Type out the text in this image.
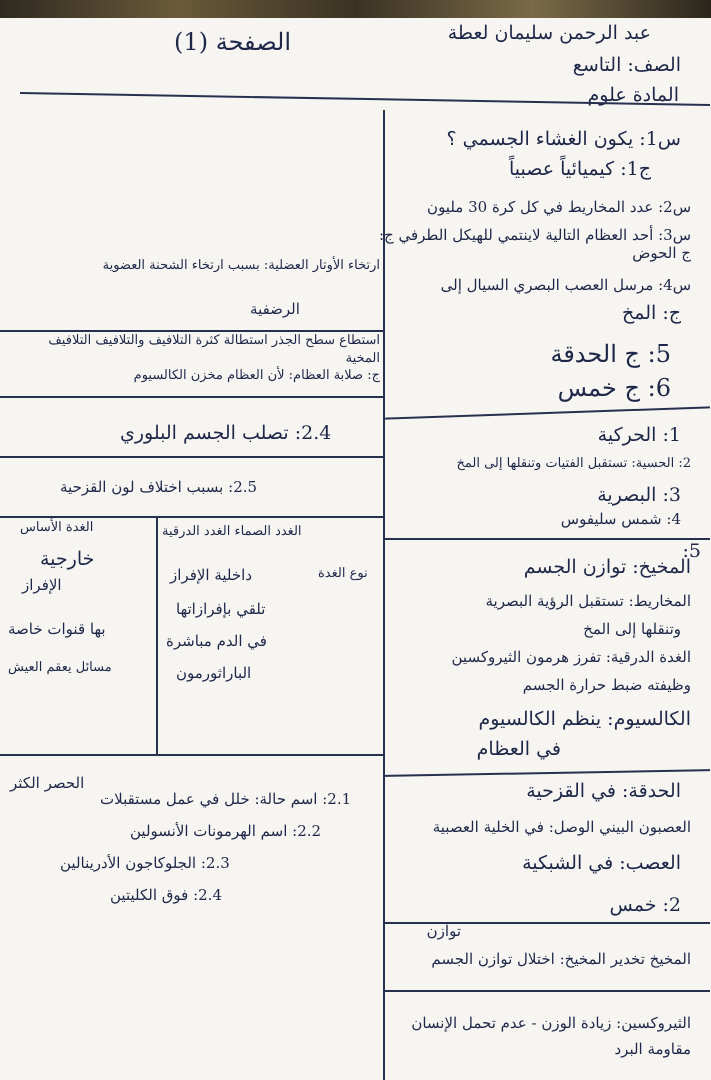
الصفحة (1)	عبد الرحمن سليمان لعطة
الصف: التاسع
المادة علوم
س1: يكون الغشاء الجسمي ؟
ج1: كيميائياً عصبياً
س2: عدد المخاريط في كل كرة 30 مليون
س3: أحد العظام التالية لاينتمي للهيكل الطرفي ج: ج الحوض
س4: مرسل العصب البصري السيال إلى
ج: المخ
5: ج الحدقة
6: ج خمس
1: الحركية
2: الحسية: تستقبل الفتيات وتنقلها إلى المخ
3: البصرية
4: شمس سليفوس
5:
المخيخ: توازن الجسم
المخاريط: تستقبل الرؤية البصرية
وتنقلها إلى المخ
الغدة الدرقية: تفرز هرمون الثيروكسين
وظيفته ضبط حرارة الجسم
الكالسيوم: ينظم الكالسيوم
في العظام
الحدقة: في القزحية
العصبون البيني الوصل: في الخلية العصبية
العصب: في الشبكية
2: خمس
توازن
المخيخ تخدير المخيخ: اختلال توازن الجسم
الثيروكسين: زيادة الوزن - عدم تحمل الإنسان مقاومة البرد
ارتخاء الأوتار العضلية: بسبب ارتخاء الشحنة العضوية
الرضفية
استطاع سطح الجذر استطالة كثرة التلافيف والتلافيف التلافيف المخية
ج: صلابة العظام: لأن العظام مخزن الكالسيوم
2.4: تصلب الجسم البلوري
2.5: بسبب اختلاف لون القزحية
الغدة الأساس	الغدد الصماء الغدد الدرقية
نوع الغدة
خارجية
الإفراز
بها قنوات خاصة
مسائل يعقم العيش
داخلية الإفراز
تلقي بإفرازاتها
في الدم مباشرة
الباراثورمون
الحصر الكثر
2.1: اسم حالة: خلل في عمل مستقبلات
2.2: اسم الهرمونات الأنسولين
2.3: الجلوكاجون الأدرينالين
2.4: فوق الكليتين
